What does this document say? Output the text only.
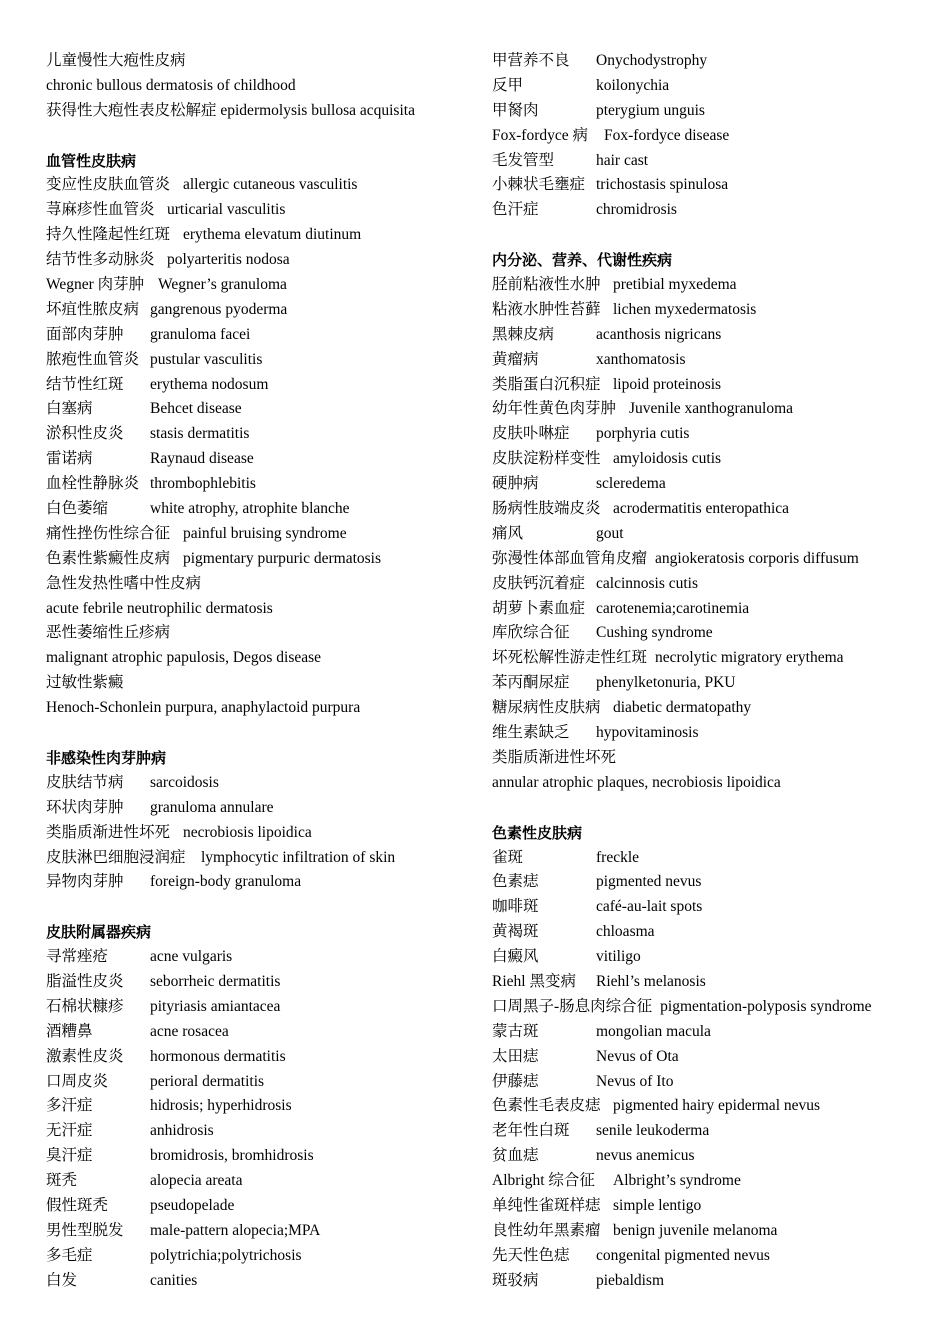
儿童慢性大疱性皮病
chronic bullous dermatosis of childhood
获得性大疱性表皮松解症 epidermolysis bullosa acquisita
血管性皮肤病
变应性皮肤血管炎 allergic cutaneous vasculitis
荨麻疹性血管炎 urticarial vasculitis
持久性隆起性红斑 erythema elevatum diutinum
结节性多动脉炎 polyarteritis nodosa
Wegner 肉芽肿 Wegner’s granuloma
坏疽性脓皮病 gangrenous pyoderma
面部肉芽肿 granuloma facei
脓疱性血管炎 pustular vasculitis
结节性红斑 erythema nodosum
白塞病	Behcet disease
淤积性皮炎 stasis dermatitis
雷诺病	Raynaud disease
血栓性静脉炎 thrombophlebitis
白色萎缩	white atrophy, atrophite blanche
痛性挫伤性综合征 painful bruising syndrome
色素性紫癜性皮病 pigmentary purpuric dermatosis
急性发热性嗜中性皮病
acute febrile neutrophilic dermatosis
恶性萎缩性丘疹病
malignant atrophic papulosis, Degos disease
过敏性紫癜
Henoch-Schonlein purpura, anaphylactoid purpura
非感染性肉芽肿病
皮肤结节病 sarcoidosis
环状肉芽肿 granuloma annulare
类脂质渐进性坏死 necrobiosis lipoidica
皮肤淋巴细胞浸润症 lymphocytic infiltration of skin
异物肉芽肿 foreign-body granuloma
皮肤附属器疾病
寻常痤疮	acne vulgaris
脂溢性皮炎 seborrheic dermatitis
石棉状糠疹 pityriasis amiantacea
酒糟鼻	acne rosacea
激素性皮炎 hormonous dermatitis
口周皮炎	perioral dermatitis
多汗症	hidrosis; hyperhidrosis
无汗症	anhidrosis
臭汗症	bromidrosis, bromhidrosis
斑秃	alopecia areata
假性斑秃	pseudopelade
男性型脱发 male-pattern alopecia;MPA
多毛症	polytrichia;polytrichosis
白发	canities
甲营养不良 Onychodystrophy
反甲	koilonychia
甲胬肉	pterygium unguis
Fox-fordyce 病 Fox-fordyce disease
毛发管型	hair cast
小棘状毛壅症 trichostasis spinulosa
色汗症	chromidrosis
内分泌、营养、代谢性疾病
胫前粘液性水肿 pretibial myxedema
粘液水肿性苔藓 lichen myxedermatosis
黑棘皮病	acanthosis nigricans
黄瘤病	xanthomatosis
类脂蛋白沉积症 lipoid proteinosis
幼年性黄色肉芽肿 Juvenile xanthogranuloma
皮肤卟啉症 porphyria cutis
皮肤淀粉样变性 amyloidosis cutis
硬肿病	scleredema
肠病性肢端皮炎 acrodermatitis enteropathica
痛风	gout
弥漫性体部血管角皮瘤 angiokeratosis corporis diffusum
皮肤钙沉着症 calcinnosis cutis
胡萝卜素血症 carotenemia;carotinemia
库欣综合征 Cushing syndrome
坏死松解性游走性红斑 necrolytic migratory erythema
苯丙酮尿症 phenylketonuria, PKU
糖尿病性皮肤病 diabetic dermatopathy
维生素缺乏 hypovitaminosis
类脂质渐进性坏死
annular atrophic plaques, necrobiosis lipoidica
色素性皮肤病
雀斑	freckle
色素痣	pigmented nevus
咖啡斑	café-au-lait spots
黄褐斑	chloasma
白癜风	vitiligo
Riehl 黑变病 Riehl’s melanosis
口周黑子-肠息肉综合征 pigmentation-polyposis syndrome
蒙古斑	mongolian macula
太田痣	Nevus of Ota
伊藤痣	Nevus of Ito
色素性毛表皮痣 pigmented hairy epidermal nevus
老年性白斑 senile leukoderma
贫血痣	nevus anemicus
Albright 综合征 Albright’s syndrome
单纯性雀斑样痣 simple lentigo
良性幼年黑素瘤 benign juvenile melanoma
先天性色痣 congenital pigmented nevus
斑驳病	piebaldism
